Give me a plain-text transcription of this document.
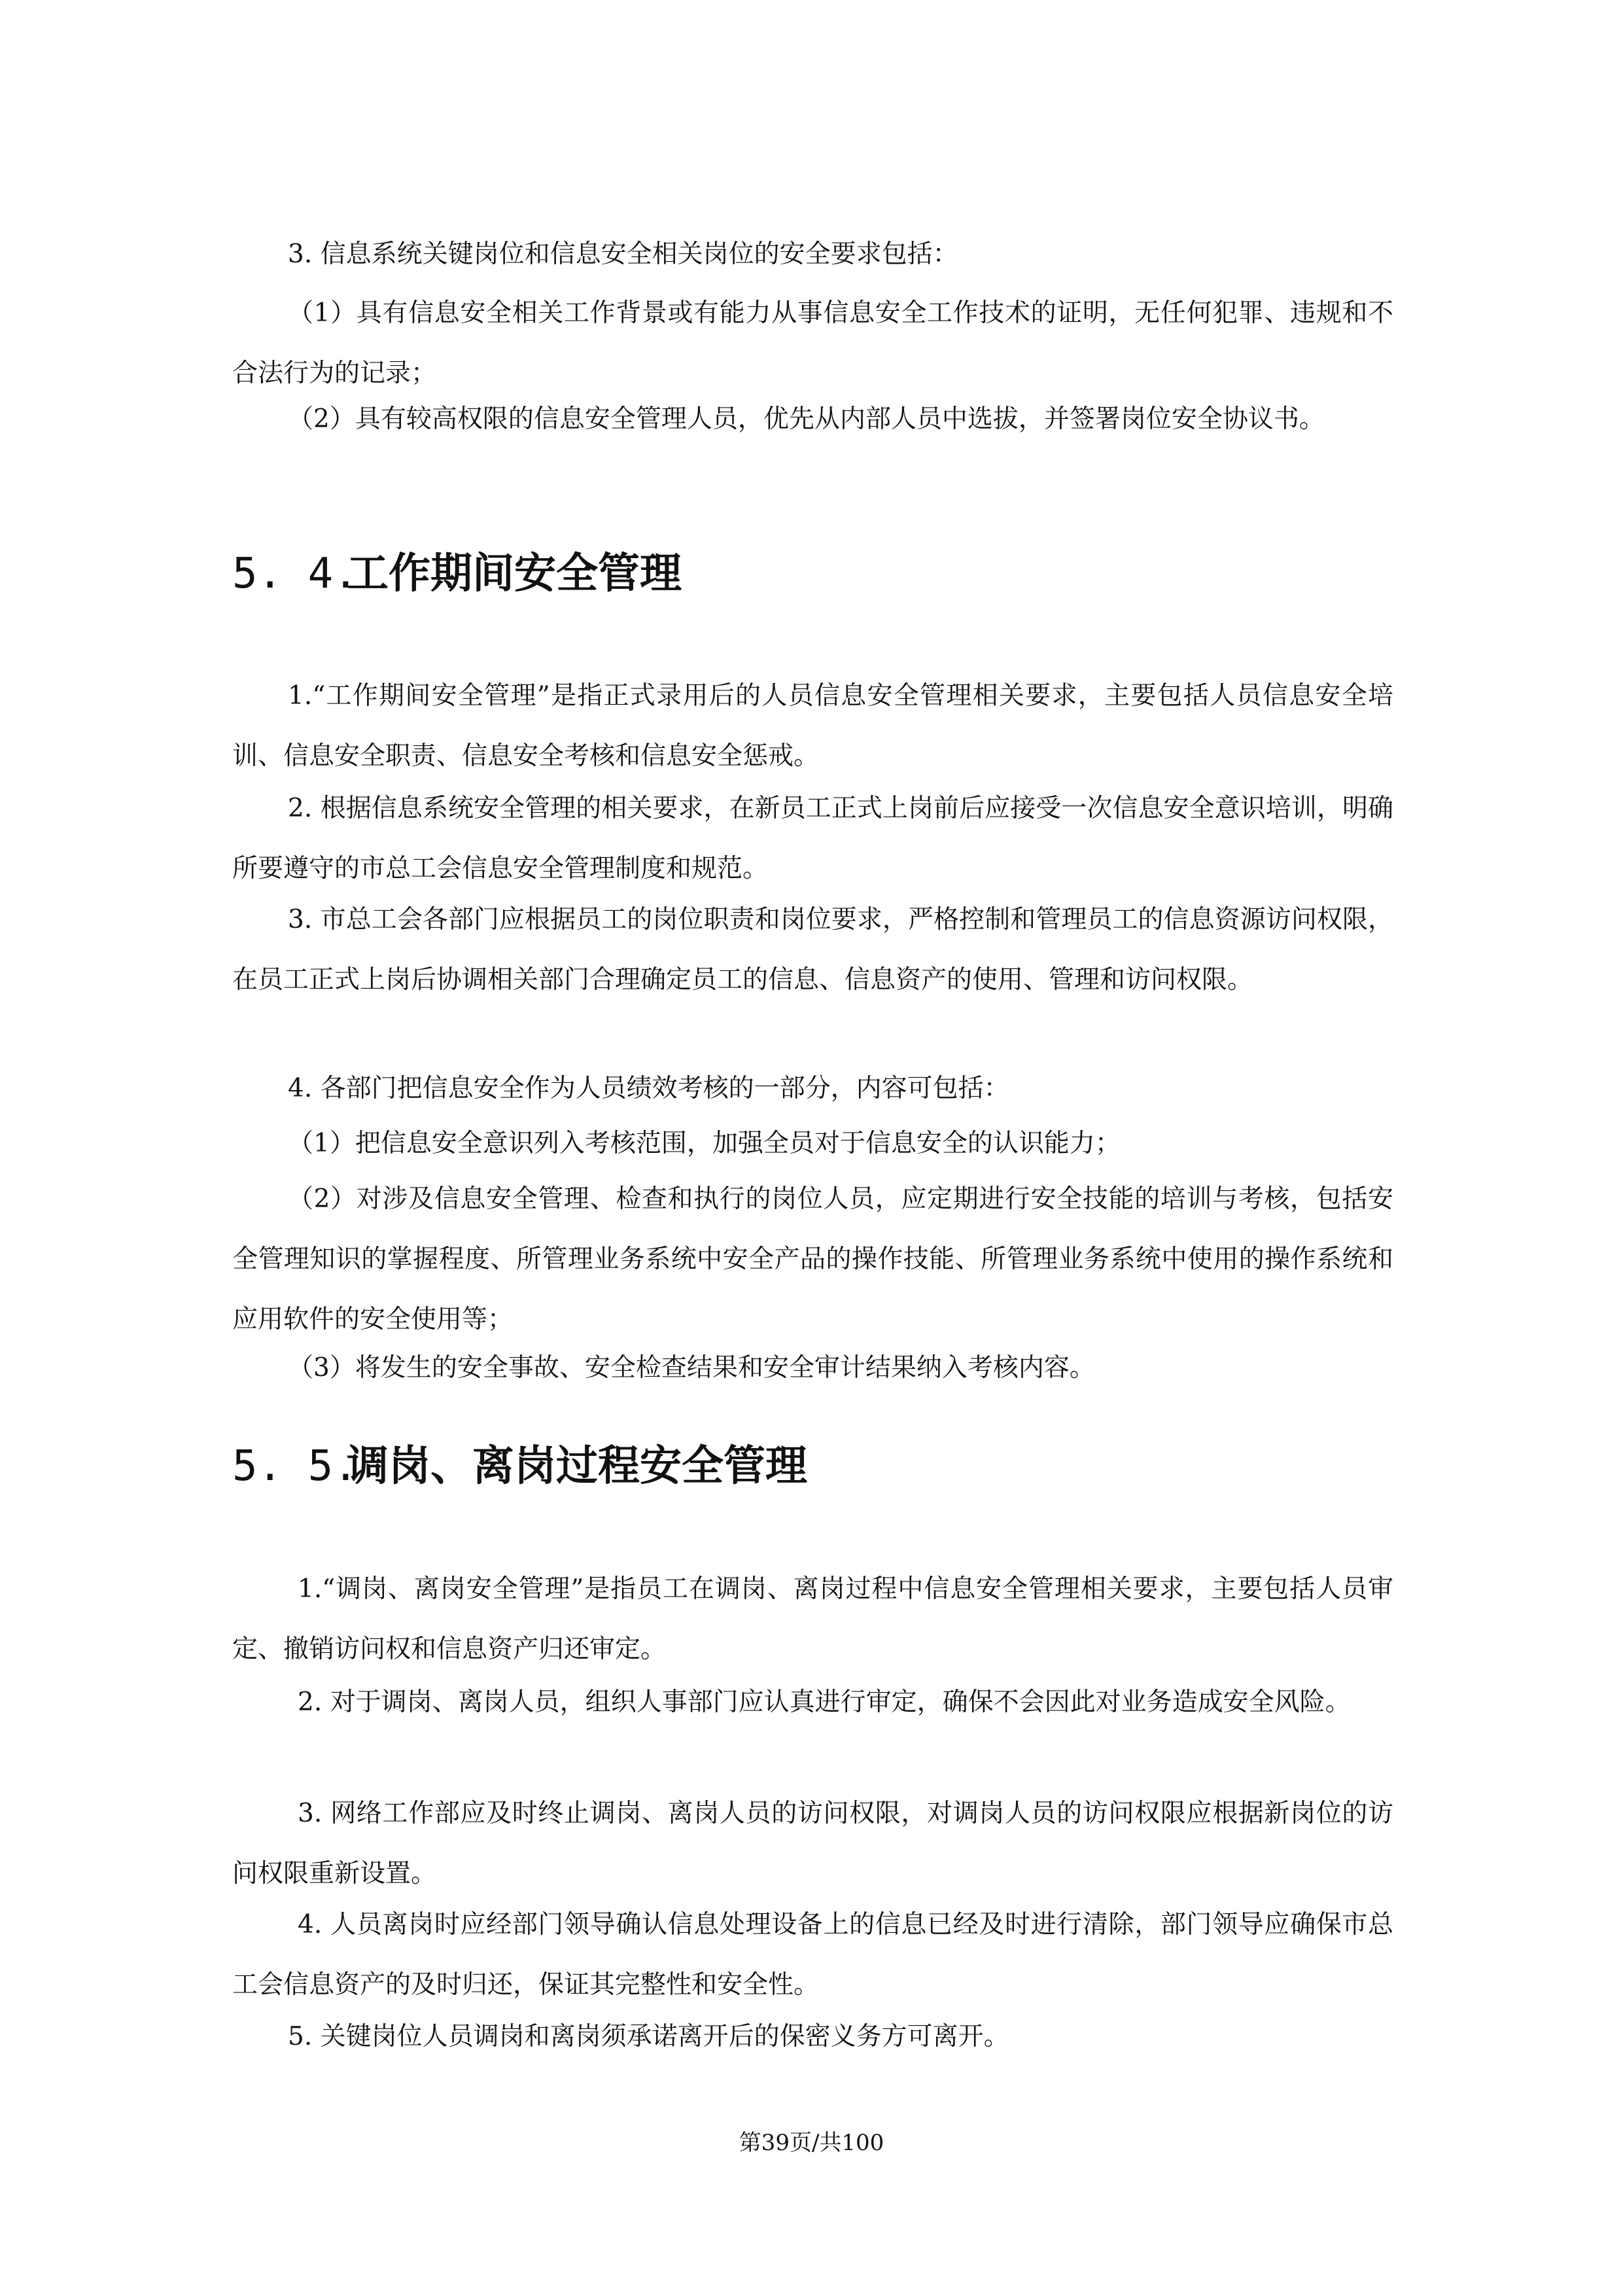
3. 信息系统关键岗位和信息安全相关岗位的安全要求包括：

（1）具有信息安全相关工作背景或有能力从事信息安全工作技术的证明，无任何犯罪、违规和不合法行为的记录；

（2）具有较高权限的信息安全管理人员，优先从内部人员中选拔，并签署岗位安全协议书。

5. 4.工作期间安全管理

1.“工作期间安全管理”是指正式录用后的人员信息安全管理相关要求，主要包括人员信息安全培训、信息安全职责、信息安全考核和信息安全惩戒。

2. 根据信息系统安全管理的相关要求，在新员工正式上岗前后应接受一次信息安全意识培训，明确所要遵守的市总工会信息安全管理制度和规范。

3. 市总工会各部门应根据员工的岗位职责和岗位要求，严格控制和管理员工的信息资源访问权限，在员工正式上岗后协调相关部门合理确定员工的信息、信息资产的使用、管理和访问权限。

4. 各部门把信息安全作为人员绩效考核的一部分，内容可包括：

（1）把信息安全意识列入考核范围，加强全员对于信息安全的认识能力；

（2）对涉及信息安全管理、检查和执行的岗位人员，应定期进行安全技能的培训与考核，包括安全管理知识的掌握程度、所管理业务系统中安全产品的操作技能、所管理业务系统中使用的操作系统和应用软件的安全使用等；

（3）将发生的安全事故、安全检查结果和安全审计结果纳入考核内容。

5. 5.调岗、离岗过程安全管理

1.“调岗、离岗安全管理”是指员工在调岗、离岗过程中信息安全管理相关要求，主要包括人员审定、撤销访问权和信息资产归还审定。

2. 对于调岗、离岗人员，组织人事部门应认真进行审定，确保不会因此对业务造成安全风险。

3. 网络工作部应及时终止调岗、离岗人员的访问权限，对调岗人员的访问权限应根据新岗位的访问权限重新设置。

4. 人员离岗时应经部门领导确认信息处理设备上的信息已经及时进行清除，部门领导应确保市总工会信息资产的及时归还，保证其完整性和安全性。

5. 关键岗位人员调岗和离岗须承诺离开后的保密义务方可离开。

第39页/共100
